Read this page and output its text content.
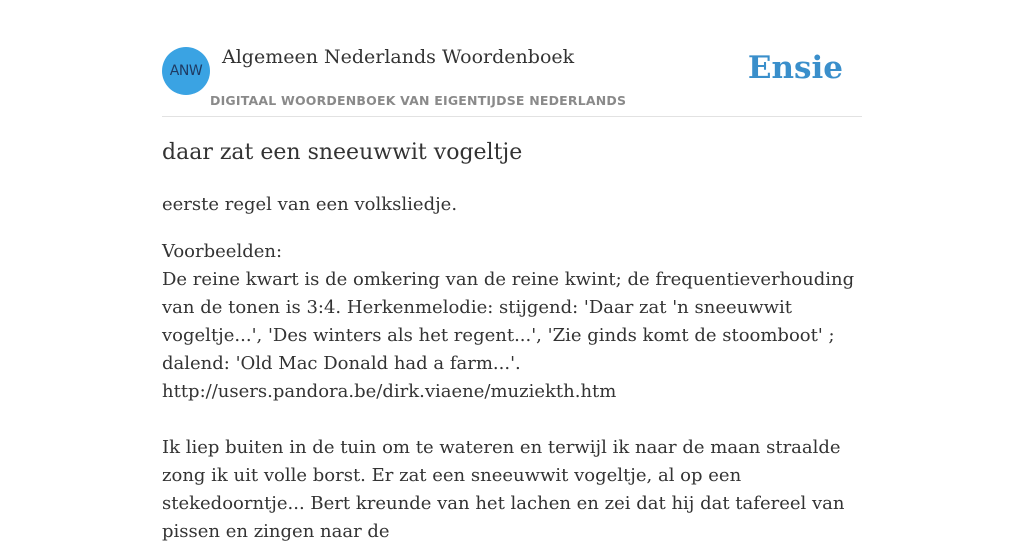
ANW
Algemeen Nederlands Woordenboek
DIGITAAL WOORDENBOEK VAN EIGENTIJDSE NEDERLANDS
Ensie
daar zat een sneeuwwit vogeltje

eerste regel van een volksliedje.

Voorbeelden:

De reine kwart is de omkering van de reine kwint; de frequentieverhouding van de tonen is 3:4. Herkenmelodie: stijgend: 'Daar zat 'n sneeuwwit vogeltje...', 'Des winters als het regent...', 'Zie ginds komt de stoomboot' ; dalend: 'Old Mac Donald had a farm...'.

http://users.pandora.be/dirk.viaene/muziekth.htm

Ik liep buiten in de tuin om te wateren en terwijl ik naar de maan straalde zong ik uit volle borst. Er zat een sneeuwwit vogeltje, al op een stekedoorntje... Bert kreunde van het lachen en zei dat hij dat tafereel van pissen en zingen naar de
